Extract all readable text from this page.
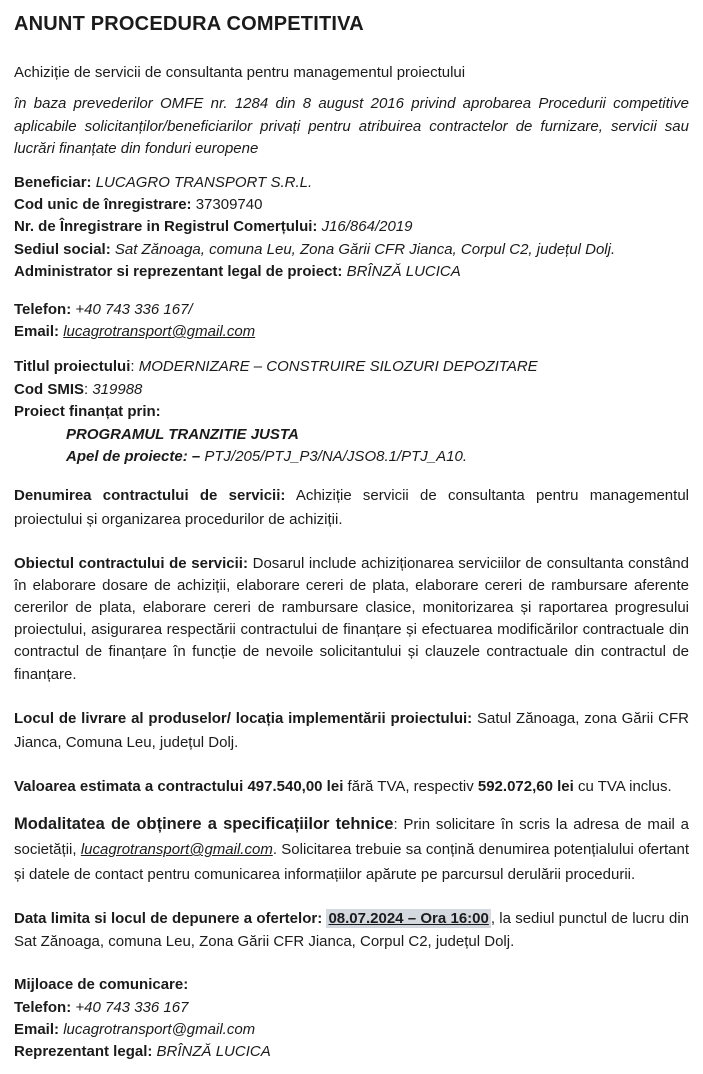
ANUNT PROCEDURA COMPETITIVA

Achiziție de servicii de consultanta pentru managementul proiectului

în baza prevederilor OMFE nr. 1284 din 8 august 2016 privind aprobarea Procedurii competitive aplicabile solicitanților/beneficiarilor privați pentru atribuirea contractelor de furnizare, servicii sau lucrări finanțate din fonduri europene

Beneficiar: LUCAGRO TRANSPORT S.R.L.

Cod unic de înregistrare: 37309740

Nr. de Înregistrare in Registrul Comerțului: J16/864/2019

Sediul social: Sat Zănoaga, comuna Leu, Zona Gării CFR Jianca, Corpul C2, județul Dolj.

Administrator si reprezentant legal de proiect: BRÎNZĂ LUCICA

Telefon: +40 743 336 167/

Email: lucagrotransport@gmail.com

Titlul proiectului: MODERNIZARE – CONSTRUIRE SILOZURI DEPOZITARE

Cod SMIS: 319988

Proiect finanțat prin:

PROGRAMUL TRANZITIE JUSTA

Apel de proiecte: – PTJ/205/PTJ_P3/NA/JSO8.1/PTJ_A10.

Denumirea contractului de servicii: Achiziție servicii de consultanta pentru managementul proiectului și organizarea procedurilor de achiziții.

Obiectul contractului de servicii: Dosarul include achiziționarea serviciilor de consultanta constând în elaborare dosare de achiziții, elaborare cereri de plata, elaborare cereri de rambursare aferente cererilor de plata, elaborare cereri de rambursare clasice, monitorizarea și raportarea progresului proiectului, asigurarea respectării contractului de finanțare și efectuarea modificărilor contractuale din contractul de finanțare în funcție de nevoile solicitantului și clauzele contractuale din contractul de finanțare.

Locul de livrare al produselor/ locația implementării proiectului: Satul Zănoaga, zona Gării CFR Jianca, Comuna Leu, județul Dolj.

Valoarea estimata a contractului 497.540,00 lei fără TVA, respectiv 592.072,60 lei cu TVA inclus.

Modalitatea de obținere a specificațiilor tehnice: Prin solicitare în scris la adresa de mail a societății, lucagrotransport@gmail.com. Solicitarea trebuie sa conțină denumirea potențialului ofertant și datele de contact pentru comunicarea informațiilor apărute pe parcursul derulării procedurii.

Data limita si locul de depunere a ofertelor: 08.07.2024 – Ora 16:00 , la sediul punctul de lucru din Sat Zănoaga, comuna Leu, Zona Gării CFR Jianca, Corpul C2, județul Dolj.

Mijloace de comunicare:

Telefon: +40 743 336 167

Email: lucagrotransport@gmail.com

Reprezentant legal: BRÎNZĂ LUCICA
